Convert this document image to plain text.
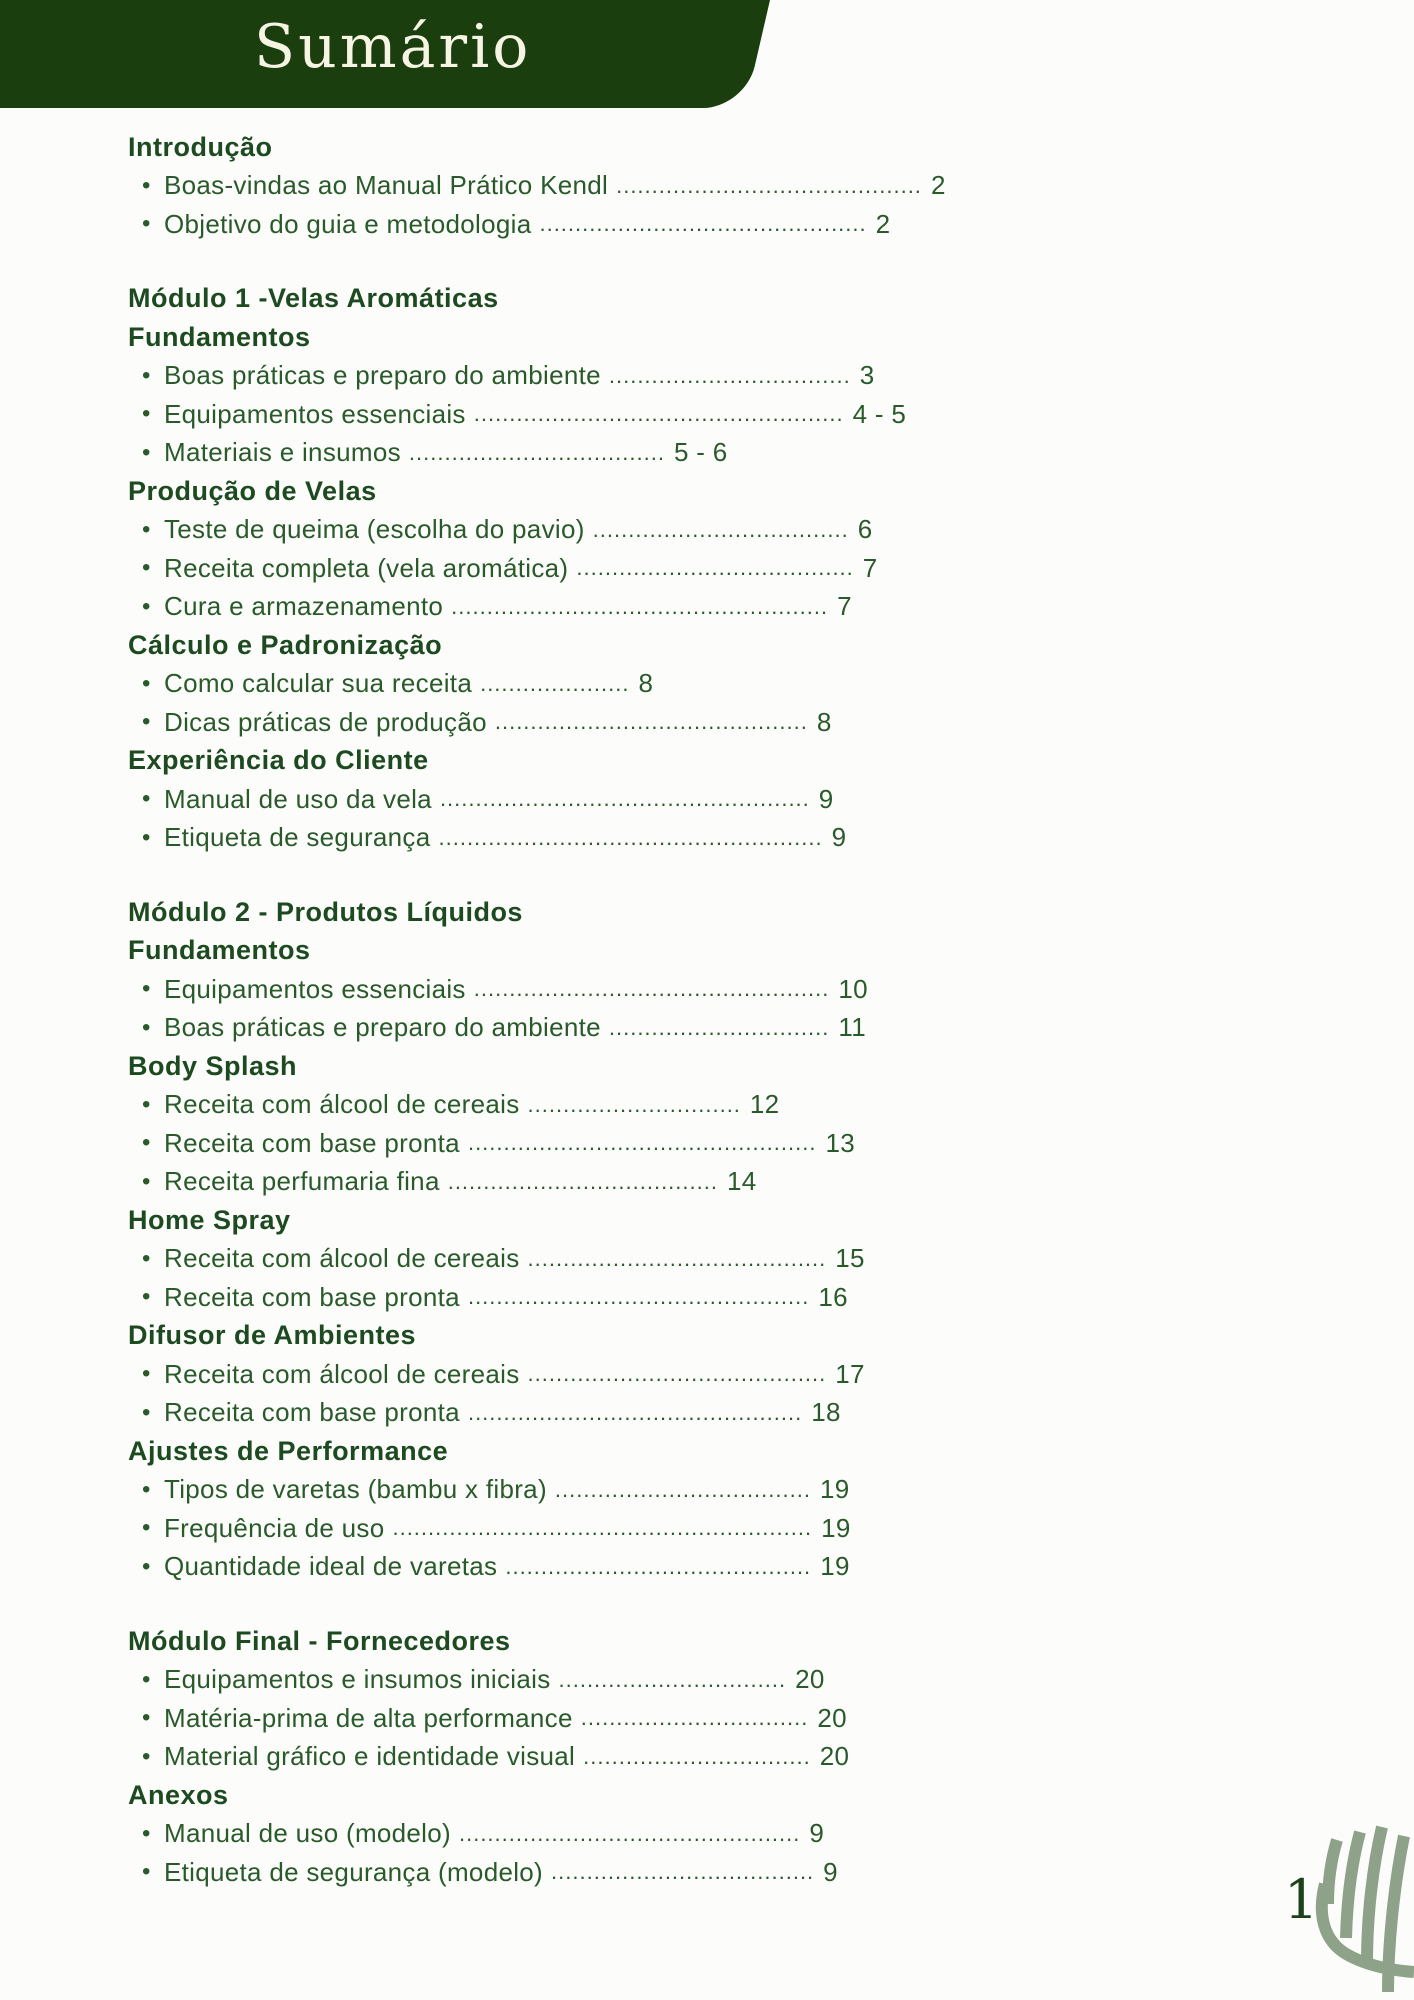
Sumário
Introdução
• Boas-vindas ao Manual Prático Kendl ........................................... 2
• Objetivo do guia e metodologia .............................................. 2
Módulo 1 -Velas Aromáticas
Fundamentos
• Boas práticas e preparo do ambiente .................................. 3
• Equipamentos essenciais .................................................... 4 - 5
• Materiais e insumos .................................... 5 - 6
Produção de Velas
• Teste de queima (escolha do pavio) .................................... 6
• Receita completa (vela aromática) ....................................... 7
• Cura e armazenamento ..................................................... 7
Cálculo e Padronização
• Como calcular sua receita ..................... 8
• Dicas práticas de produção ............................................ 8
Experiência do Cliente
• Manual de uso da vela .................................................... 9
• Etiqueta de segurança ...................................................... 9
Módulo 2 - Produtos Líquidos
Fundamentos
• Equipamentos essenciais .................................................. 10
• Boas práticas e preparo do ambiente ............................... 11
Body Splash
• Receita com álcool de cereais .............................. 12
• Receita com base pronta ................................................. 13
• Receita perfumaria fina ...................................... 14
Home Spray
• Receita com álcool de cereais .......................................... 15
• Receita com base pronta ................................................ 16
Difusor de Ambientes
• Receita com álcool de cereais .......................................... 17
• Receita com base pronta ............................................... 18
Ajustes de Performance
• Tipos de varetas (bambu x fibra) .................................... 19
• Frequência de uso ........................................................... 19
• Quantidade ideal de varetas ........................................... 19
Módulo Final - Fornecedores
• Equipamentos e insumos iniciais ................................ 20
• Matéria-prima de alta performance ................................ 20
• Material gráfico e identidade visual ................................ 20
Anexos
• Manual de uso (modelo) ................................................ 9
• Etiqueta de segurança (modelo) ..................................... 9	1
